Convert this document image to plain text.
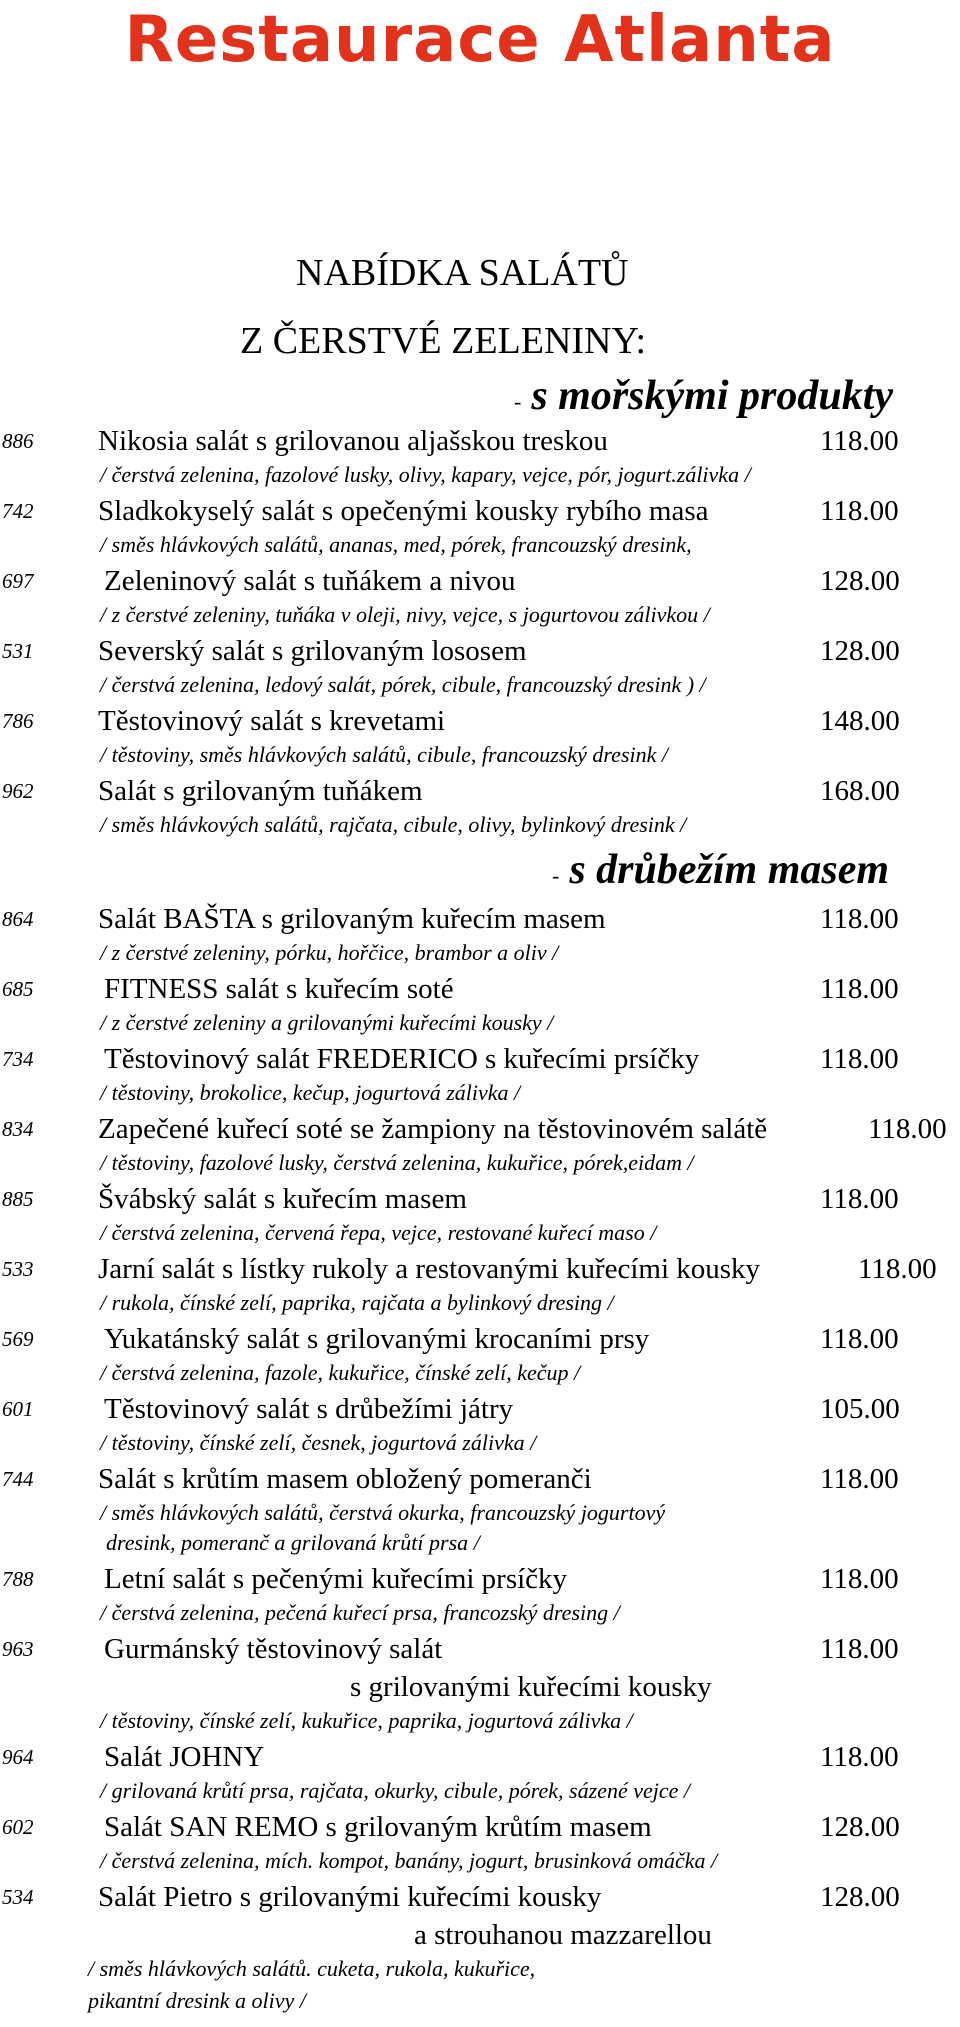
Restaurace Atlanta
NABÍDKA SALÁTŮ
Z ČERSTVÉ ZELENINY:
- s mořskými produkty
- s drůbežím masem
886 Nikosia salát s grilovanou aljašskou treskou	118.00
/ čerstvá zelenina, fazolové lusky, olivy, kapary, vejce, pór, jogurt.zálivka /
742 Sladkokyselý salát s opečenými kousky rybího masa	118.00
/ směs hlávkových salátů, ananas, med, pórek, francouzský dresink,
697 Zeleninový salát s tuňákem a nivou	128.00
/ z čerstvé zeleniny, tuňáka v oleji, nivy, vejce, s jogurtovou zálivkou /
531 Severský salát s grilovaným lososem	128.00
/ čerstvá zelenina, ledový salát, pórek, cibule, francouzský dresink ) /
786 Těstovinový salát s krevetami	148.00
/ těstoviny, směs hlávkových salátů, cibule, francouzský dresink /
962 Salát s grilovaným tuňákem	168.00
/ směs hlávkových salátů, rajčata, cibule, olivy, bylinkový dresink /
864 Salát BAŠTA s grilovaným kuřecím masem	118.00
/ z čerstvé zeleniny, pórku, hořčice, brambor a oliv /
685 FITNESS salát s kuřecím soté	118.00
/ z čerstvé zeleniny a grilovanými kuřecími kousky /
734 Těstovinový salát FREDERICO s kuřecími prsíčky	118.00
/ těstoviny, brokolice, kečup, jogurtová zálivka /
834 Zapečené kuřecí soté se žampiony na těstovinovém salátě	118.00
/ těstoviny, fazolové lusky, čerstvá zelenina, kukuřice, pórek,eidam /
885 Švábský salát s kuřecím masem	118.00
/ čerstvá zelenina, červená řepa, vejce, restované kuřecí maso /
533 Jarní salát s lístky rukoly a restovanými kuřecími kousky	118.00
/ rukola, čínské zelí, paprika, rajčata a bylinkový dresing /
569 Yukatánský salát s grilovanými krocaními prsy	118.00
/ čerstvá zelenina, fazole, kukuřice, čínské zelí, kečup /
601 Těstovinový salát s drůbežími játry	105.00
/ těstoviny, čínské zelí, česnek, jogurtová zálivka /
744 Salát s krůtím masem obložený pomeranči	118.00
/ směs hlávkových salátů, čerstvá okurka, francouzský jogurtový
dresink, pomeranč a grilovaná krůtí prsa /
788 Letní salát s pečenými kuřecími prsíčky	118.00
/ čerstvá zelenina, pečená kuřecí prsa, francozský dresing /
963 Gurmánský těstovinový salát	118.00
s grilovanými kuřecími kousky
/ těstoviny, čínské zelí, kukuřice, paprika, jogurtová zálivka /
964 Salát JOHNY	118.00
/ grilovaná krůtí prsa, rajčata, okurky, cibule, pórek, sázené vejce /
602 Salát SAN REMO s grilovaným krůtím masem	128.00
/ čerstvá zelenina, mích. kompot, banány, jogurt, brusinková omáčka /
534 Salát Pietro s grilovanými kuřecími kousky	128.00
a strouhanou mazzarellou
/ směs hlávkových salátů. cuketa, rukola, kukuřice,
pikantní dresink a olivy /
